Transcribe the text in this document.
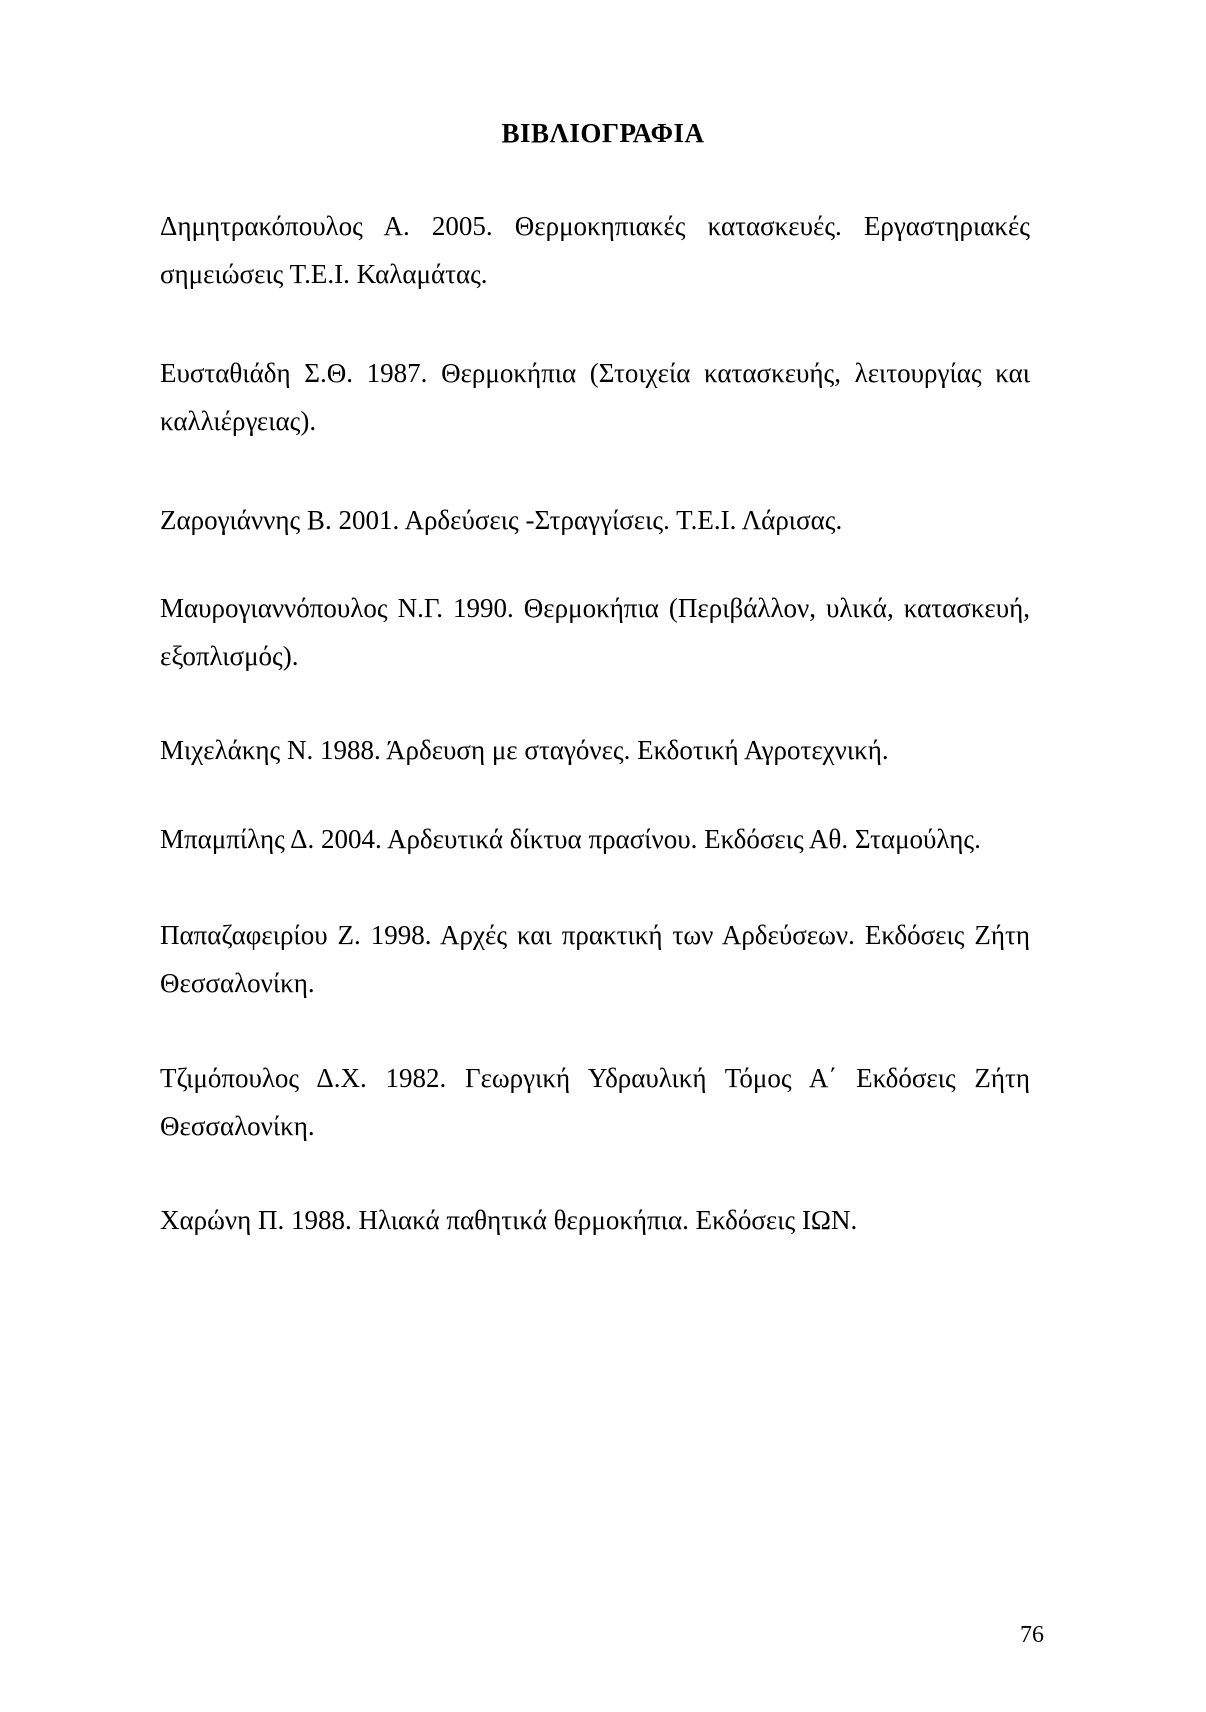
ΒΙΒΛΙΟΓΡΑΦΙΑ
Δημητρακόπουλος Α. 2005. Θερμοκηπιακές κατασκευές. Εργαστηριακές
σημειώσεις Τ.Ε.Ι. Καλαμάτας.
Ευσταθιάδη Σ.Θ. 1987. Θερμοκήπια (Στοιχεία κατασκευής, λειτουργίας και
καλλιέργειας).
Ζαρογιάννης Β. 2001. Αρδεύσεις -Στραγγίσεις. Τ.Ε.Ι. Λάρισας.
Μαυρογιαννόπουλος Ν.Γ. 1990. Θερμοκήπια (Περιβάλλον, υλικά, κατασκευή,
εξοπλισμός).
Μιχελάκης Ν. 1988. Άρδευση με σταγόνες. Εκδοτική Αγροτεχνική.
Μπαμπίλης Δ. 2004. Αρδευτικά δίκτυα πρασίνου. Εκδόσεις Αθ. Σταμούλης.
Παπαζαφειρίου Ζ. 1998. Αρχές και πρακτική των Αρδεύσεων. Εκδόσεις Ζήτη
Θεσσαλονίκη.
Τζιμόπουλος Δ.Χ. 1982. Γεωργική Υδραυλική Τόμος Α΄ Εκδόσεις Ζήτη
Θεσσαλονίκη.
Χαρώνη Π. 1988. Ηλιακά παθητικά θερμοκήπια. Εκδόσεις ΙΩΝ.
76
